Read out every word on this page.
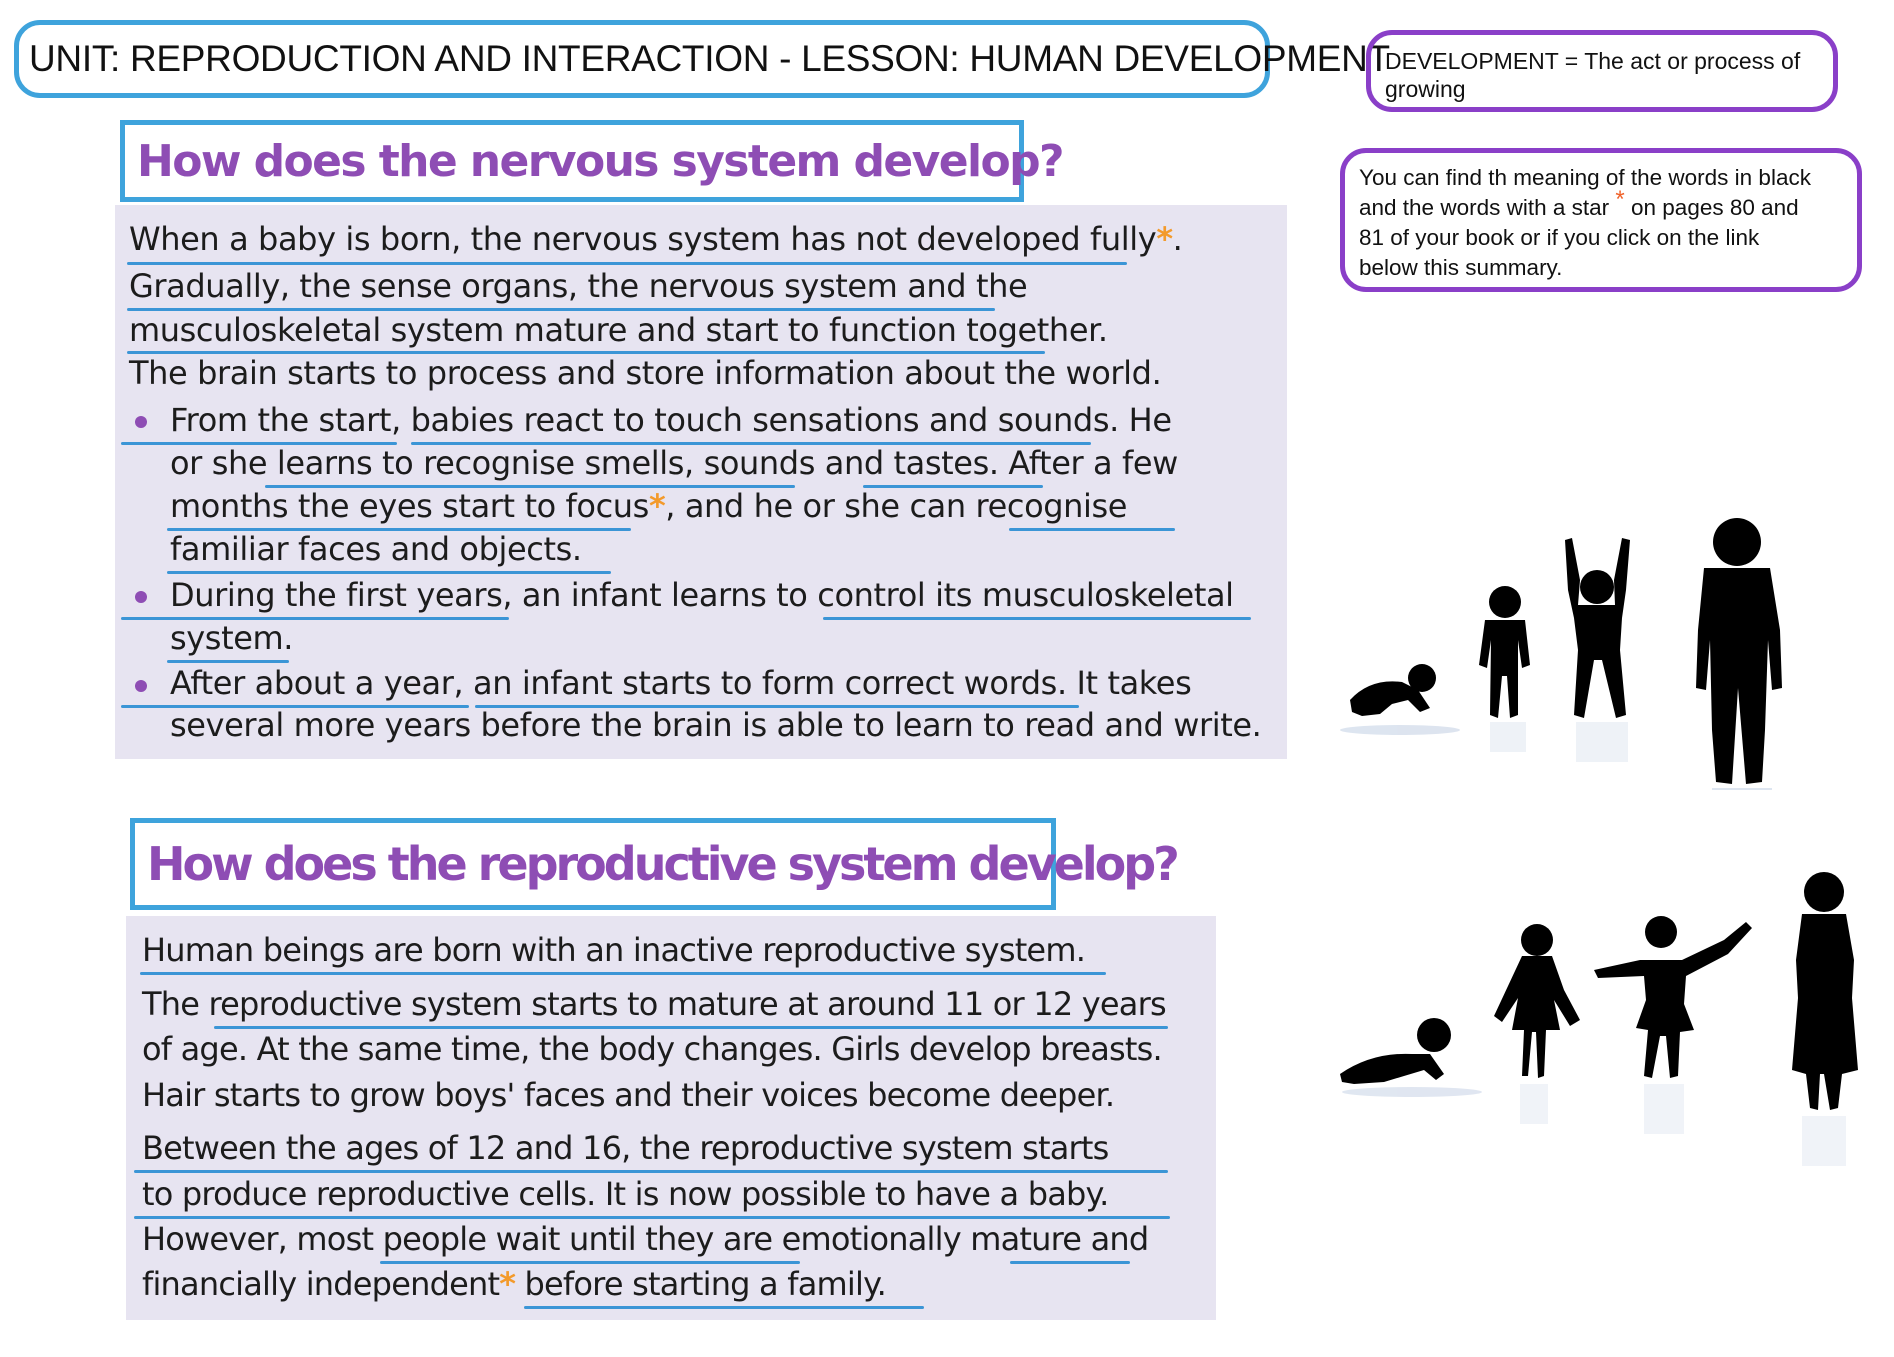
UNIT: REPRODUCTION AND INTERACTION - LESSON: HUMAN DEVELOPMENT
DEVELOPMENT = The act or process of
growing
You can find th meaning of the words in black
and the words with a star * on pages 80 and
81 of your book or if you click on the link
below this summary.
How does the nervous system develop?
When a baby is born, the nervous system has not developed fully*.
Gradually, the sense organs, the nervous system and the
musculoskeletal system mature and start to function together.
The brain starts to process and store information about the world.
From the start, babies react to touch sensations and sounds. He
or she learns to recognise smells, sounds and tastes. After a few
months the eyes start to focus*, and he or she can recognise
familiar faces and objects.
During the first years, an infant learns to control its musculoskeletal
system.
After about a year, an infant starts to form correct words. It takes
several more years before the brain is able to learn to read and write.
How does the reproductive system develop?
Human beings are born with an inactive reproductive system.
The reproductive system starts to mature at around 11 or 12 years
of age. At the same time, the body changes. Girls develop breasts.
Hair starts to grow boys' faces and their voices become deeper.
Between the ages of 12 and 16, the reproductive system starts
to produce reproductive cells. It is now possible to have a baby.
However, most people wait until they are emotionally mature and
financially independent* before starting a family.
